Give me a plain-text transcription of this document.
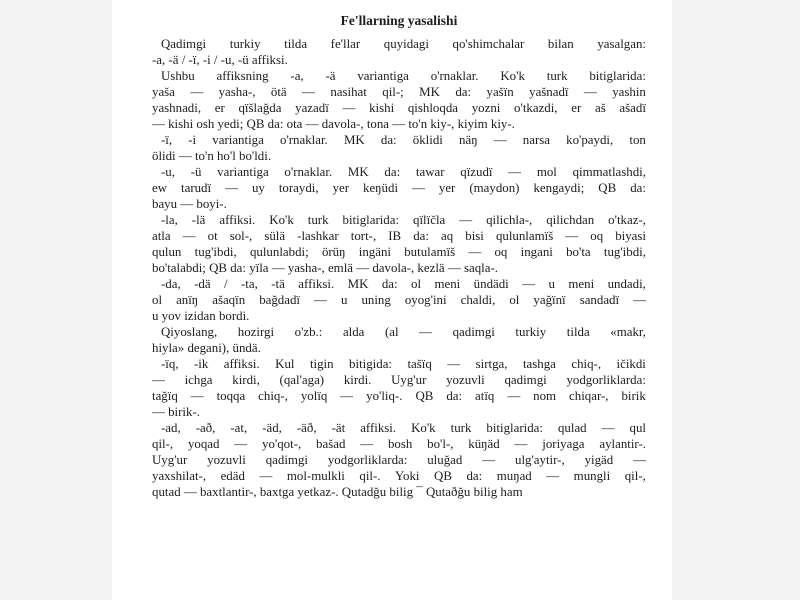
Fe'llarning yasalishi
Qadimgi turkiy tilda fe'llar quyidagi qo'shimchalar bilan yasalgan:
-a, -ä / -ï, -i / -u, -ü affiksi.
Ushbu affiksning -a, -ä variantiga o'rnaklar. Ko'k turk bitiglarida:
yaša — yasha-, ötä — nasihat qil-; MK da: yašïn yašnadï — yashin
yashnadi, er qïšlağda yazadï — kishi qishloqda yozni o'tkazdi, er aš ašadï
— kishi osh yedi; QB da: ota — davola-, tona — to'n kiy-, kiyim kiy-.
-ï, -i variantiga o'rnaklar. MK da: öklidi näŋ — narsa ko'paydi, ton
ölidi — to'n ho'l bo'ldi.
-u, -ü variantiga o'rnaklar. MK da: tawar qïzudï — mol qimmatlashdi,
ew tarudï — uy toraydi, yer keŋüdi — yer (maydon) kengaydi; QB da:
bayu — boyi-.
-la, -lä affiksi. Ko'k turk bitiglarida: qïlïčla — qilichla-, qilichdan o'tkaz-,
atla — ot sol-, sülä -lashkar tort-, IB da: aq bisi qulunlamïš — oq biyasi
qulun tug'ibdi, qulunlabdi; örüŋ ingäni butulamïš — oq ingani bo'ta tug'ibdi,
bo'talabdi; QB da: yïla — yasha-, emlä — davola-, kezlä — saqla-.
-da, -dä / -ta, -tä affiksi. MK da: ol meni ündädi — u meni undadi,
ol anïŋ ašaqïn bağdadï — u uning oyog'ini chaldi, ol yağïnï sandadï —
u yov izidan bordi.
Qiyoslang, hozirgi o'zb.: alda (al — qadimgi turkiy tilda «makr,
hiyla» degani), ündä.
-ïq, -ik affiksi. Kul tigin bitigida: tašïq — sirtga, tashga chiq-, ičikdi
— ichga kirdi, (qal'aga) kirdi. Uyg'ur yozuvli qadimgi yodgorliklarda:
tağïq — toqqa chiq-, yolïq — yo'liq-. QB da: atïq — nom chiqar-, birik
— birik-.
-ad, -að, -at, -äd, -äð, -ät affiksi. Ko'k turk bitiglarida: qulad — qul
qil-, yoqad — yo'qot-, bašad — bosh bo'l-, küŋäd — joriyaga aylantir-.
Uyg'ur yozuvli qadimgi yodgorliklarda: uluğad — ulg'aytir-, yigäd —
yaxshilat-, edäd — mol-mulkli qil-. Yoki QB da: muŋad — mungli qil-,
qutad — baxtlantir-, baxtga yetkaz-. Qutadğu bilig ¯ Qutaðğu bilig ham
